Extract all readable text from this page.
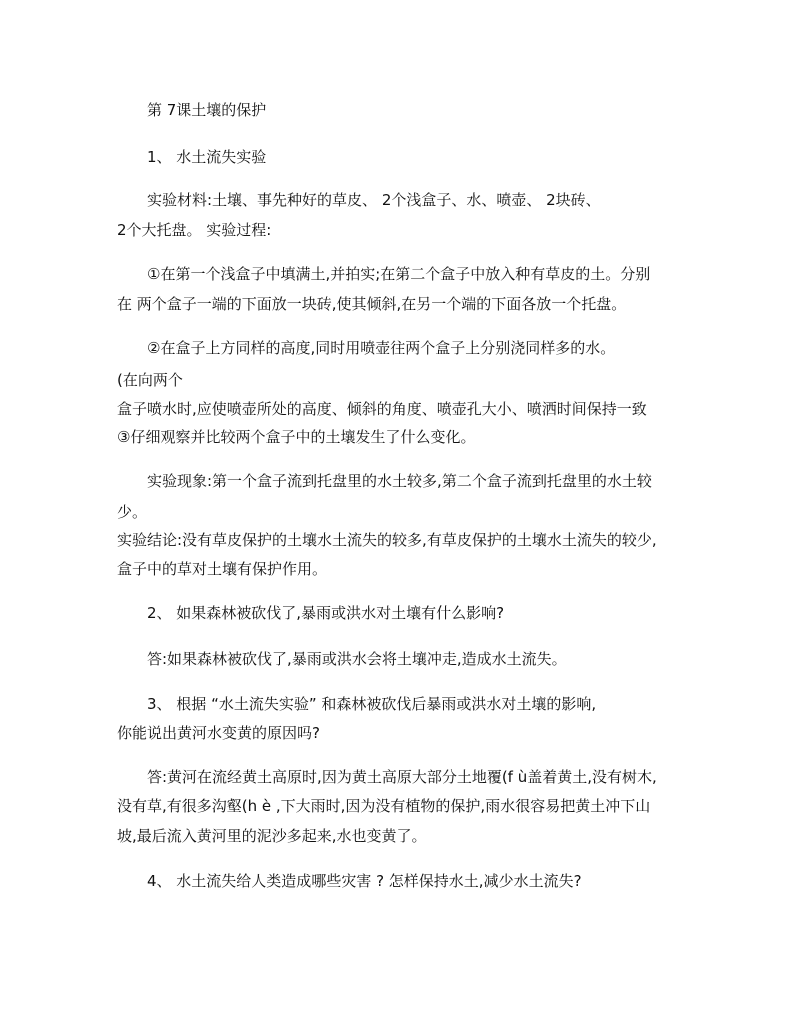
第 7课土壤的保护
1、 水土流失实验
实验材料:土壤、事先种好的草皮、 2个浅盒子、水、喷壶、 2块砖、
2个大托盘。 实验过程:
①在第一个浅盒子中填满土,并拍实;在第二个盒子中放入种有草皮的土。分别
在 两个盒子一端的下面放一块砖,使其倾斜,在另一个端的下面各放一个托盘。
②在盒子上方同样的高度,同时用喷壶往两个盒子上分别浇同样多的水。
(在向两个
盒子喷水时,应使喷壶所处的高度、倾斜的角度、喷壶孔大小、喷洒时间保持一致
③仔细观察并比较两个盒子中的土壤发生了什么变化。
实验现象:第一个盒子流到托盘里的水土较多,第二个盒子流到托盘里的水土较
少。
实验结论:没有草皮保护的土壤水土流失的较多,有草皮保护的土壤水土流失的较少,
盒子中的草对土壤有保护作用。
2、 如果森林被砍伐了,暴雨或洪水对土壤有什么影响?
答:如果森林被砍伐了,暴雨或洪水会将土壤冲走,造成水土流失。
3、 根据 “水土流失实验” 和森林被砍伐后暴雨或洪水对土壤的影响,
你能说出黄河水变黄的原因吗?
答:黄河在流经黄土高原时,因为黄土高原大部分土地覆(f ù盖着黄土,没有树木,
没有草,有很多沟壑(h è ,下大雨时,因为没有植物的保护,雨水很容易把黄土冲下山
坡,最后流入黄河里的泥沙多起来,水也变黄了。
4、 水土流失给人类造成哪些灾害 ? 怎样保持水土,减少水土流失?
